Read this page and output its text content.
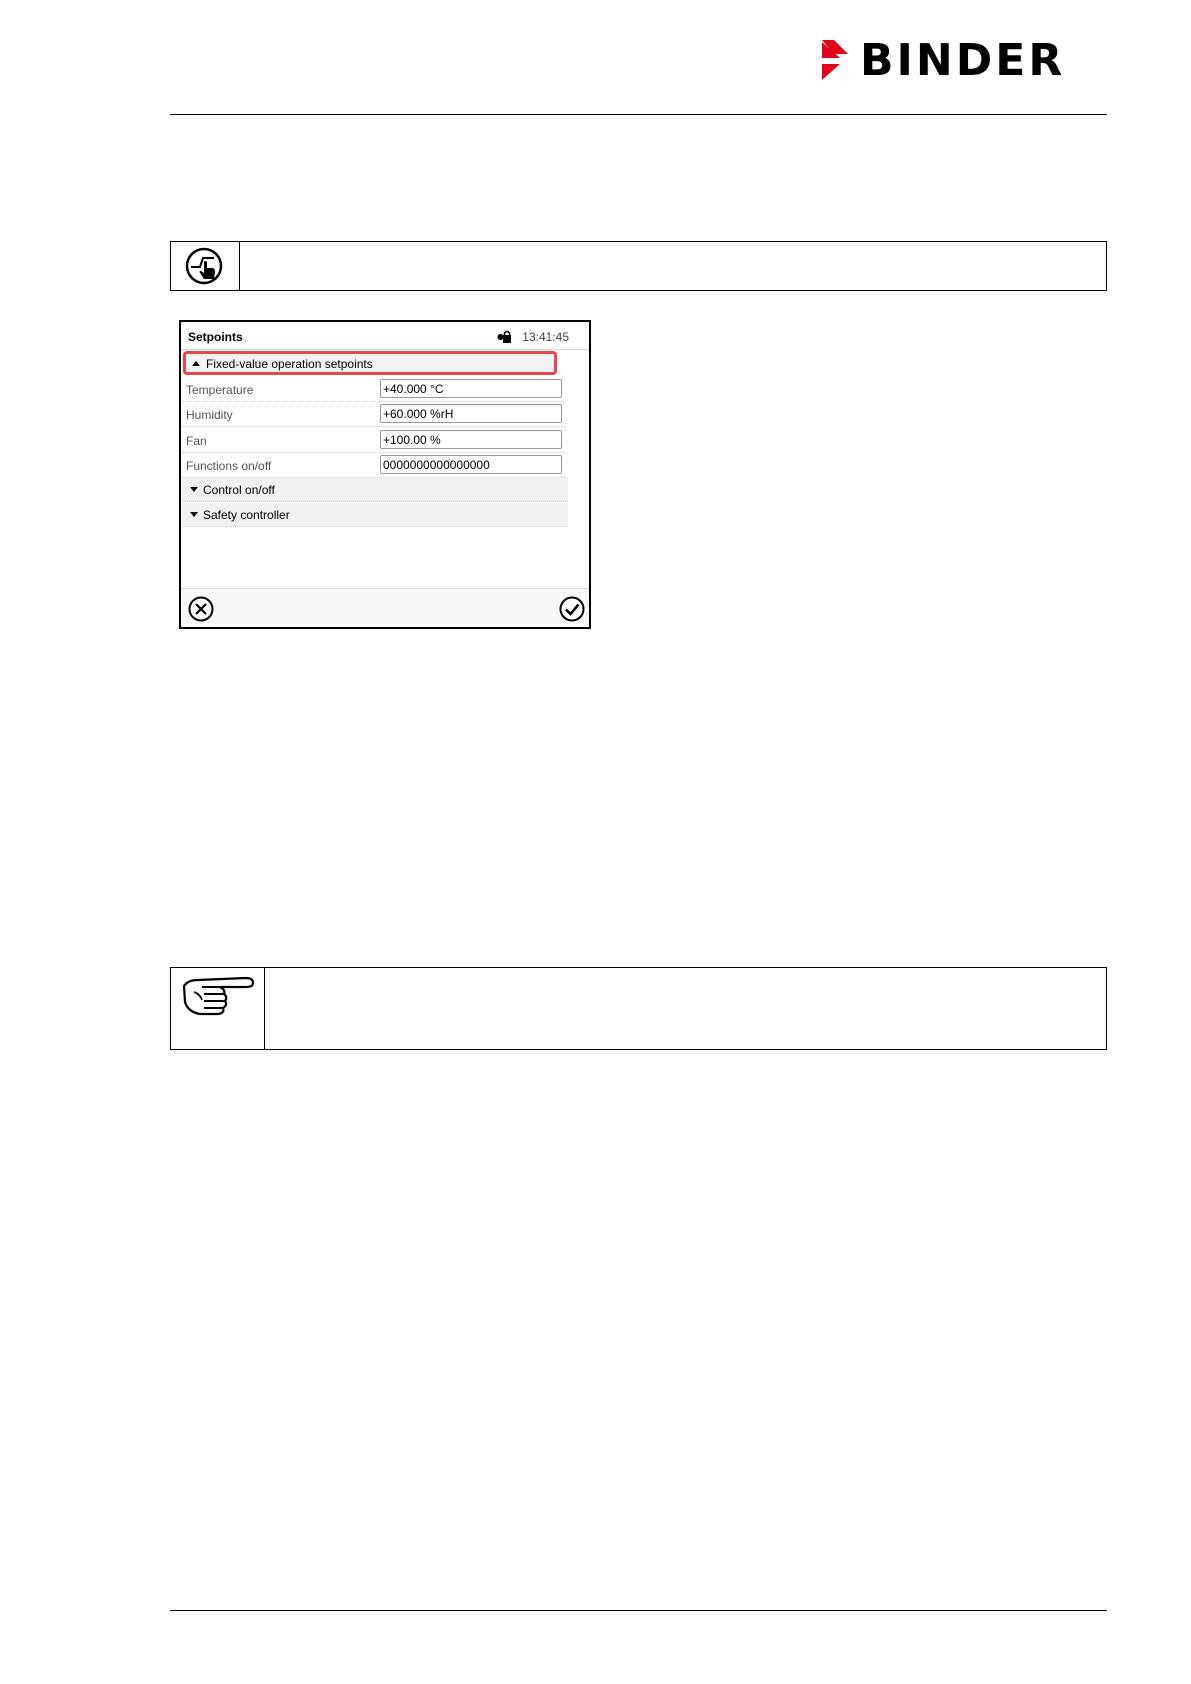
BINDER
Setpoints	13:41:45
Fixed-value operation setpoints
Temperature	+40.000 °C
Humidity	+60.000 %rH
Fan	+100.00 %
Functions on/off	0000000000000000
Control on/off
Safety controller
